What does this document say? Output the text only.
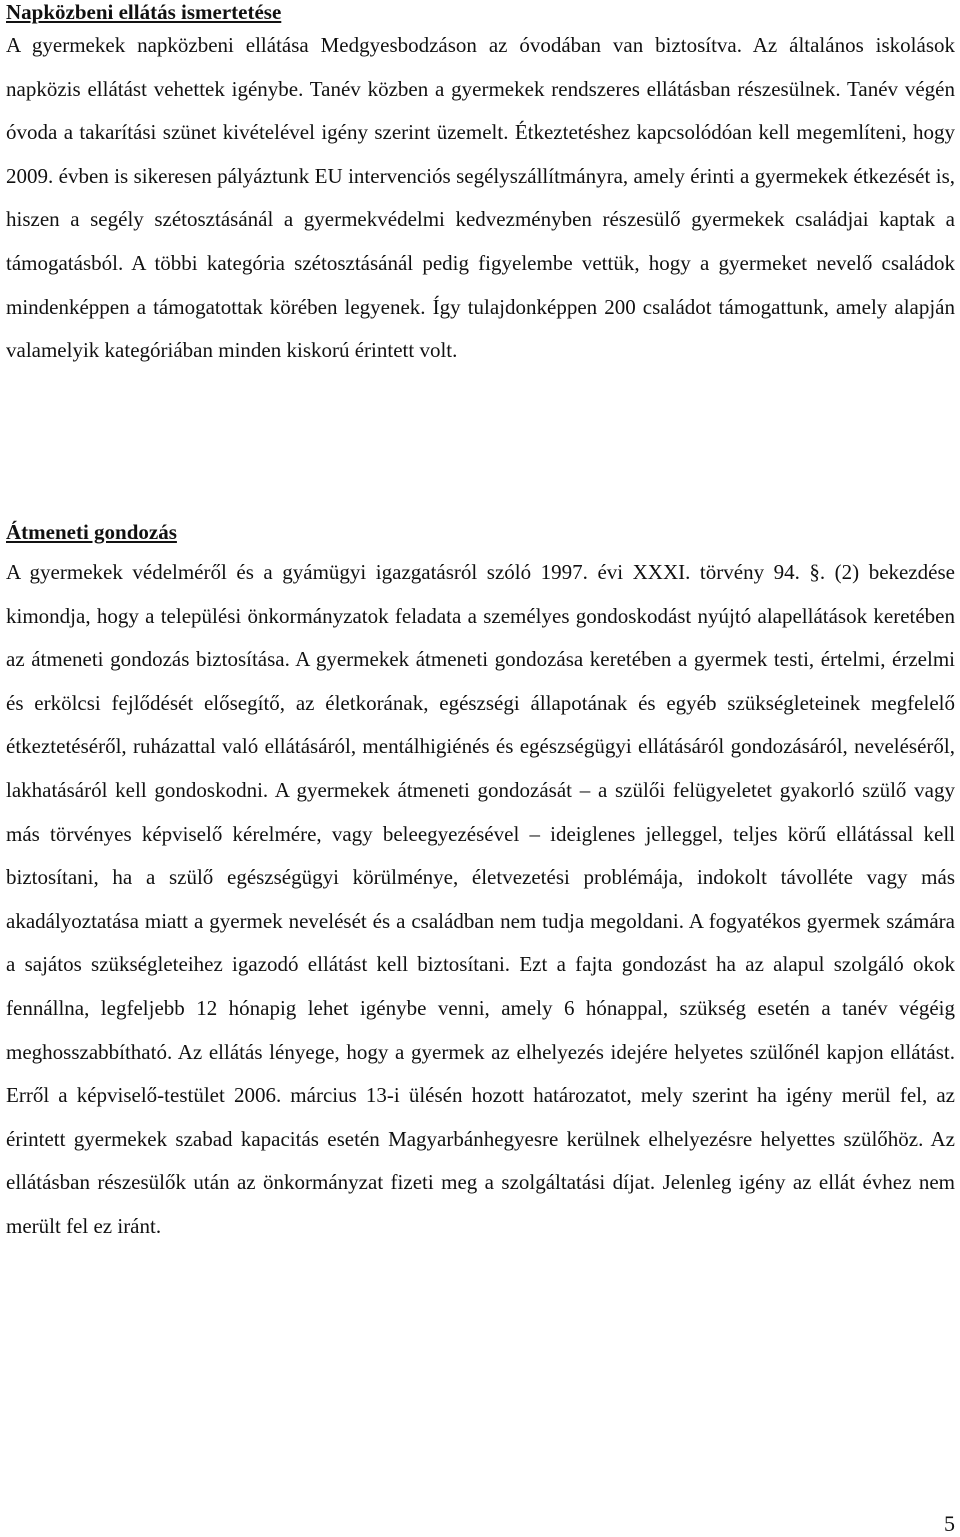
Napközbeni ellátás ismertetése

A gyermekek napközbeni ellátása Medgyesbodzáson az óvodában van biztosítva. Az általános iskolások napközis ellátást vehettek igénybe. Tanév közben a gyermekek rendszeres ellátásban részesülnek. Tanév végén óvoda a takarítási szünet kivételével igény szerint üzemelt. Étkeztetéshez kapcsolódóan kell megemlíteni, hogy 2009. évben is sikeresen pályáztunk EU intervenciós segélyszállítmányra, amely érinti a gyermekek étkezését is, hiszen a segély szétosztásánál a gyermekvédelmi kedvezményben részesülő gyermekek családjai kaptak a támogatásból. A többi kategória szétosztásánál pedig figyelembe vettük, hogy a gyermeket nevelő családok mindenképpen a támogatottak körében legyenek. Így tulajdonképpen 200 családot támogattunk, amely alapján valamelyik kategóriában minden kiskorú érintett volt.

Átmeneti gondozás

A gyermekek védelméről és a gyámügyi igazgatásról szóló 1997. évi XXXI. törvény 94. §. (2) bekezdése kimondja, hogy a települési önkormányzatok feladata a személyes gondoskodást nyújtó alapellátások keretében az átmeneti gondozás biztosítása. A gyermekek átmeneti gondozása keretében a gyermek testi, értelmi, érzelmi és erkölcsi fejlődését elősegítő, az életkorának, egészségi állapotának és egyéb szükségleteinek megfelelő étkeztetéséről, ruházattal való ellátásáról, mentálhigiénés és egészségügyi ellátásáról gondozásáról, neveléséről, lakhatásáról kell gondoskodni. A gyermekek átmeneti gondozását – a szülői felügyeletet gyakorló szülő vagy más törvényes képviselő kérelmére, vagy beleegyezésével – ideiglenes jelleggel, teljes körű ellátással kell biztosítani, ha a szülő egészségügyi körülménye, életvezetési problémája, indokolt távolléte vagy más akadályoztatása miatt a gyermek nevelését és a családban nem tudja megoldani. A fogyatékos gyermek számára a sajátos szükségleteihez igazodó ellátást kell biztosítani. Ezt a fajta gondozást ha az alapul szolgáló okok fennállna, legfeljebb 12 hónapig lehet igénybe venni, amely 6 hónappal, szükség esetén a tanév végéig meghosszabbítható. Az ellátás lényege, hogy a gyermek az elhelyezés idejére helyetes szülőnél kapjon ellátást. Erről a képviselő-testület 2006. március 13-i ülésén hozott határozatot, mely szerint ha igény merül fel, az érintett gyermekek szabad kapacitás esetén Magyarbánhegyesre kerülnek elhelyezésre helyettes szülőhöz. Az ellátásban részesülők után az önkormányzat fizeti meg a szolgáltatási díjat. Jelenleg igény az ellát évhez nem merült fel ez iránt.

5
